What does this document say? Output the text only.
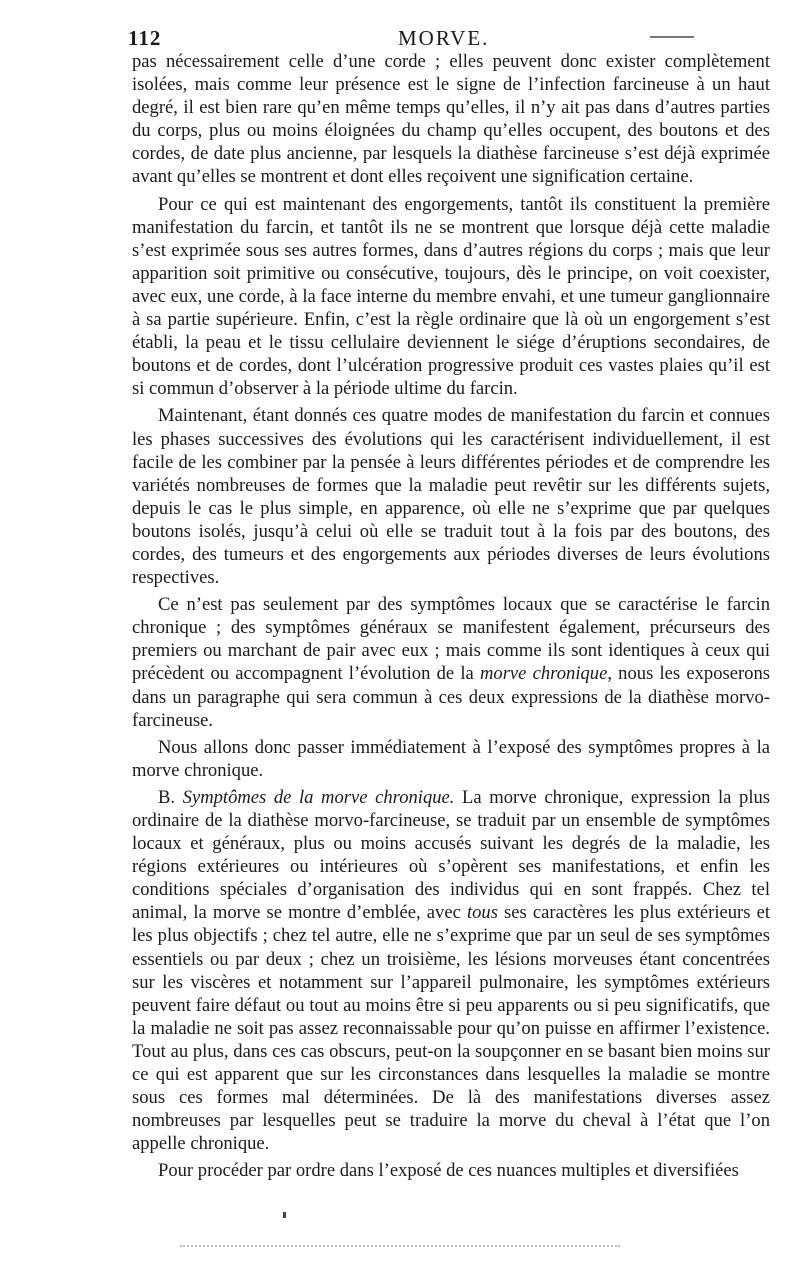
112	MORVE.

pas nécessairement celle d’une corde ; elles peuvent donc exister complètement isolées, mais comme leur présence est le signe de l’infection farcineuse à un haut degré, il est bien rare qu’en même temps qu’elles, il n’y ait pas dans d’autres parties du corps, plus ou moins éloignées du champ qu’elles occupent, des boutons et des cordes, de date plus ancienne, par lesquels la diathèse farcineuse s’est déjà exprimée avant qu’elles se montrent et dont elles reçoivent une signification certaine.

Pour ce qui est maintenant des engorgements, tantôt ils constituent la première manifestation du farcin, et tantôt ils ne se montrent que lorsque déjà cette maladie s’est exprimée sous ses autres formes, dans d’autres régions du corps ; mais que leur apparition soit primitive ou consécutive, toujours, dès le principe, on voit coexister, avec eux, une corde, à la face interne du membre envahi, et une tumeur ganglionnaire à sa partie supérieure. Enfin, c’est la règle ordinaire que là où un engorgement s’est établi, la peau et le tissu cellulaire deviennent le siége d’éruptions secondaires, de boutons et de cordes, dont l’ulcération progressive produit ces vastes plaies qu’il est si commun d’observer à la période ultime du farcin.

Maintenant, étant donnés ces quatre modes de manifestation du farcin et connues les phases successives des évolutions qui les caractérisent individuellement, il est facile de les combiner par la pensée à leurs différentes périodes et de comprendre les variétés nombreuses de formes que la maladie peut revêtir sur les différents sujets, depuis le cas le plus simple, en apparence, où elle ne s’exprime que par quelques boutons isolés, jusqu’à celui où elle se traduit tout à la fois par des boutons, des cordes, des tumeurs et des engorgements aux périodes diverses de leurs évolutions respectives.

Ce n’est pas seulement par des symptômes locaux que se caractérise le farcin chronique ; des symptômes généraux se manifestent également, précurseurs des premiers ou marchant de pair avec eux ; mais comme ils sont identiques à ceux qui précèdent ou accompagnent l’évolution de la morve chronique, nous les exposerons dans un paragraphe qui sera commun à ces deux expressions de la diathèse morvo-farcineuse.

Nous allons donc passer immédiatement à l’exposé des symptômes propres à la morve chronique.

B. Symptômes de la morve chronique. La morve chronique, expression la plus ordinaire de la diathèse morvo-farcineuse, se traduit par un ensemble de symptômes locaux et généraux, plus ou moins accusés suivant les degrés de la maladie, les régions extérieures ou intérieures où s’opèrent ses manifestations, et enfin les conditions spéciales d’organisation des individus qui en sont frappés. Chez tel animal, la morve se montre d’emblée, avec tous ses caractères les plus extérieurs et les plus objectifs ; chez tel autre, elle ne s’exprime que par un seul de ses symptômes essentiels ou par deux ; chez un troisième, les lésions morveuses étant concentrées sur les viscères et notamment sur l’appareil pulmonaire, les symptômes extérieurs peuvent faire défaut ou tout au moins être si peu apparents ou si peu significatifs, que la maladie ne soit pas assez reconnaissable pour qu’on puisse en affirmer l’existence. Tout au plus, dans ces cas obscurs, peut-on la soupçonner en se basant bien moins sur ce qui est apparent que sur les circonstances dans lesquelles la maladie se montre sous ces formes mal déterminées. De là des manifestations diverses assez nombreuses par lesquelles peut se traduire la morve du cheval à l’état que l’on appelle chronique.

Pour procéder par ordre dans l’exposé de ces nuances multiples et diversifiées
